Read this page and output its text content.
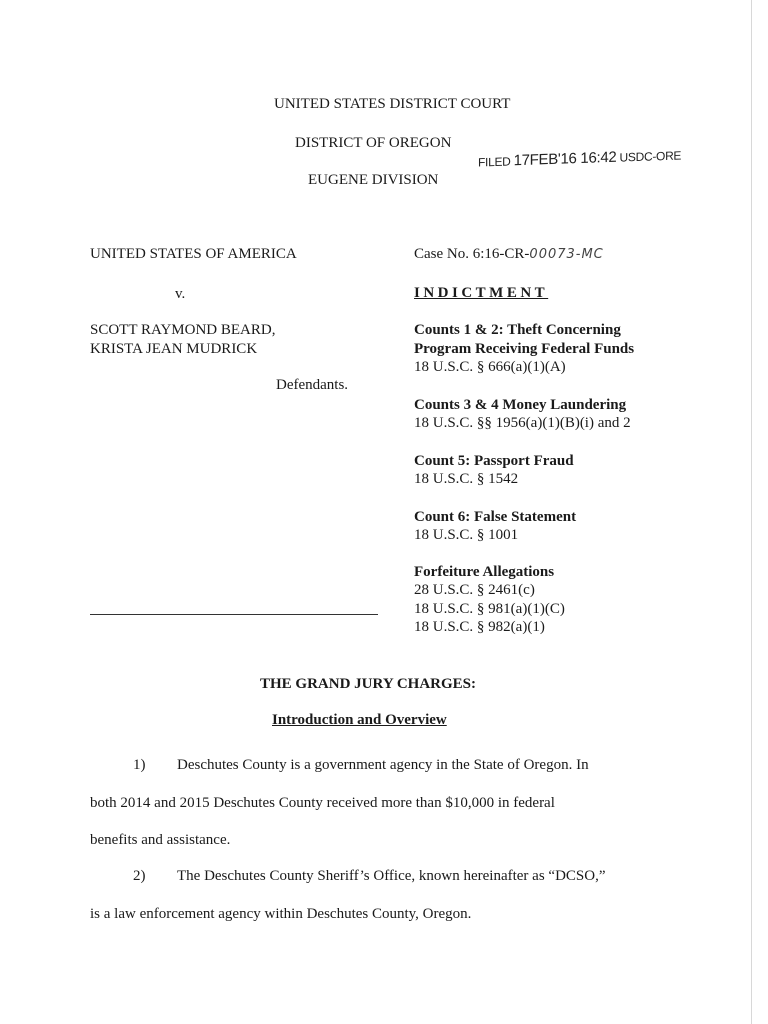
UNITED STATES DISTRICT COURT
DISTRICT OF OREGON
EUGENE DIVISION
FILED 17FEB'16 16:42 USDC-ORE
UNITED STATES OF AMERICA
v.
SCOTT RAYMOND BEARD,
KRISTA JEAN MUDRICK
Defendants.
Case No. 6:16-CR-00073-MC
INDICTMENT
Counts 1 & 2: Theft Concerning
Program Receiving Federal Funds
18 U.S.C. § 666(a)(1)(A)
Counts 3 & 4 Money Laundering
18 U.S.C. §§ 1956(a)(1)(B)(i) and 2
Count 5: Passport Fraud
18 U.S.C. § 1542
Count 6: False Statement
18 U.S.C. § 1001
Forfeiture Allegations
28 U.S.C. § 2461(c)
18 U.S.C. § 981(a)(1)(C)
18 U.S.C. § 982(a)(1)
THE GRAND JURY CHARGES:
Introduction and Overview
1) Deschutes County is a government agency in the State of Oregon. In
both 2014 and 2015 Deschutes County received more than $10,000 in federal
benefits and assistance.
2) The Deschutes County Sheriff’s Office, known hereinafter as “DCSO,”
is a law enforcement agency within Deschutes County, Oregon.
